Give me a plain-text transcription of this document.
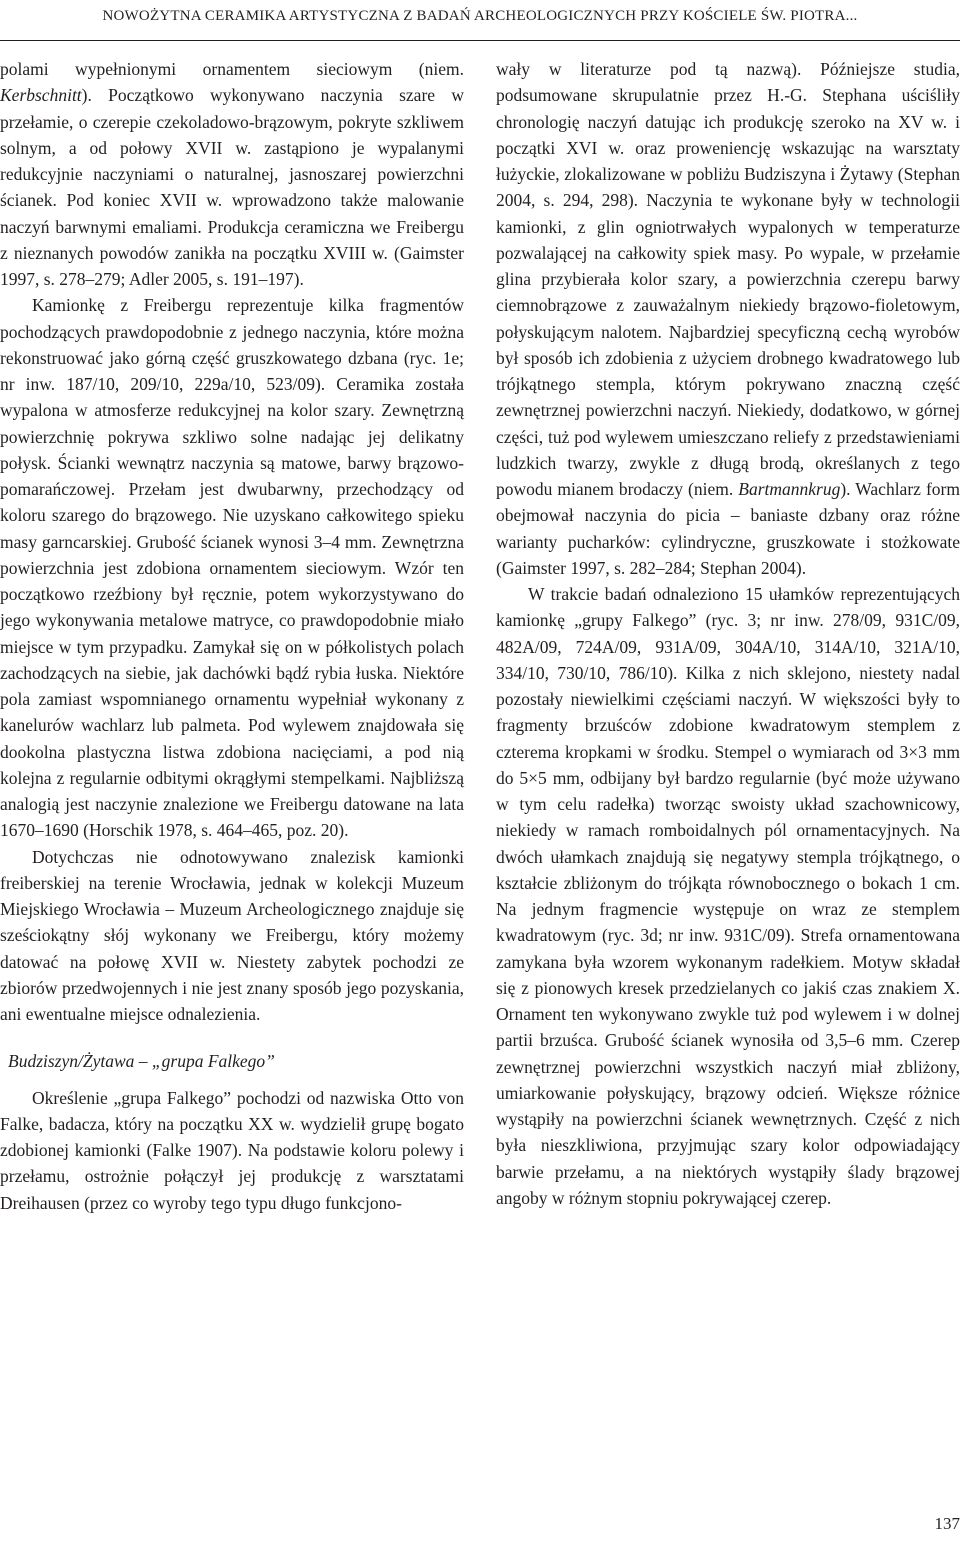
NOWOŻYTNA CERAMIKA ARTYSTYCZNA Z BADAŃ ARCHEOLOGICZNYCH PRZY KOŚCIELE ŚW. PIOTRA...

polami wypełnionymi ornamentem sieciowym (niem. Kerbschnitt). Początkowo wykonywano naczynia szare w przełamie, o czerepie czekoladowo-brązowym, pokryte szkliwem solnym, a od połowy XVII w. zastąpiono je wypalanymi redukcyjnie naczyniami o naturalnej, jasnoszarej powierzchni ścianek. Pod koniec XVII w. wprowadzono także malowanie naczyń barwnymi emaliami. Produkcja ceramiczna we Freibergu z nieznanych powodów zanikła na początku XVIII w. (Gaimster 1997, s. 278–279; Adler 2005, s. 191–197).

Kamionkę z Freibergu reprezentuje kilka fragmentów pochodzących prawdopodobnie z jednego naczynia, które można rekonstruować jako górną część gruszkowatego dzbana (ryc. 1e; nr inw. 187/10, 209/10, 229a/10, 523/09). Ceramika została wypalona w atmosferze redukcyjnej na kolor szary. Zewnętrzną powierzchnię pokrywa szkliwo solne nadając jej delikatny połysk. Ścianki wewnątrz naczynia są matowe, barwy brązowo-pomarańczowej. Przełam jest dwubarwny, przechodzący od koloru szarego do brązowego. Nie uzyskano całkowitego spieku masy garncarskiej. Grubość ścianek wynosi 3–4 mm. Zewnętrzna powierzchnia jest zdobiona ornamentem sieciowym. Wzór ten początkowo rzeźbiony był ręcznie, potem wykorzystywano do jego wykonywania metalowe matryce, co prawdopodobnie miało miejsce w tym przypadku. Zamykał się on w półkolistych polach zachodzących na siebie, jak dachówki bądź rybia łuska. Niektóre pola zamiast wspomnianego ornamentu wypełniał wykonany z kanelurów wachlarz lub palmeta. Pod wylewem znajdowała się dookolna plastyczna listwa zdobiona nacięciami, a pod nią kolejna z regularnie odbitymi okrągłymi stempelkami. Najbliższą analogią jest naczynie znalezione we Freibergu datowane na lata 1670–1690 (Horschik 1978, s. 464–465, poz. 20).

Dotychczas nie odnotowywano znalezisk kamionki freiberskiej na terenie Wrocławia, jednak w kolekcji Muzeum Miejskiego Wrocławia – Muzeum Archeologicznego znajduje się sześciokątny słój wykonany we Freibergu, który możemy datować na połowę XVII w. Niestety zabytek pochodzi ze zbiorów przedwojennych i nie jest znany sposób jego pozyskania, ani ewentualne miejsce odnalezienia.

Budziszyn/Żytawa – „grupa Falkego”

Określenie „grupa Falkego” pochodzi od nazwiska Otto von Falke, badacza, który na początku XX w. wydzielił grupę bogato zdobionej kamionki (Falke 1907). Na podstawie koloru polewy i przełamu, ostrożnie połączył jej produkcję z warsztatami Dreihausen (przez co wyroby tego typu długo funkcjono-

wały w literaturze pod tą nazwą). Późniejsze studia, podsumowane skrupulatnie przez H.-G. Stephana uściśliły chronologię naczyń datując ich produkcję szeroko na XV w. i początki XVI w. oraz proweniencję wskazując na warsztaty łużyckie, zlokalizowane w pobliżu Budziszyna i Żytawy (Stephan 2004, s. 294, 298). Naczynia te wykonane były w technologii kamionki, z glin ogniotrwałych wypalonych w temperaturze pozwalającej na całkowity spiek masy. Po wypale, w przełamie glina przybierała kolor szary, a powierzchnia czerepu barwy ciemnobrązowe z zauważalnym niekiedy brązowo-fioletowym, połyskującym nalotem. Najbardziej specyficzną cechą wyrobów był sposób ich zdobienia z użyciem drobnego kwadratowego lub trójkątnego stempla, którym pokrywano znaczną część zewnętrznej powierzchni naczyń. Niekiedy, dodatkowo, w górnej części, tuż pod wylewem umieszczano reliefy z przedstawieniami ludzkich twarzy, zwykle z długą brodą, określanych z tego powodu mianem brodaczy (niem. Bartmannkrug). Wachlarz form obejmował naczynia do picia – baniaste dzbany oraz różne warianty pucharków: cylindryczne, gruszkowate i stożkowate (Gaimster 1997, s. 282–284; Stephan 2004).

W trakcie badań odnaleziono 15 ułamków reprezentujących kamionkę „grupy Falkego” (ryc. 3; nr inw. 278/09, 931C/09, 482A/09, 724A/09, 931A/09, 304A/10, 314A/10, 321A/10, 334/10, 730/10, 786/10). Kilka z nich sklejono, niestety nadal pozostały niewielkimi częściami naczyń. W większości były to fragmenty brzuśców zdobione kwadratowym stemplem z czterema kropkami w środku. Stempel o wymiarach od 3×3 mm do 5×5 mm, odbijany był bardzo regularnie (być może używano w tym celu radełka) tworząc swoisty układ szachownicowy, niekiedy w ramach romboidalnych pól ornamentacyjnych. Na dwóch ułamkach znajdują się negatywy stempla trójkątnego, o kształcie zbliżonym do trójkąta równobocznego o bokach 1 cm. Na jednym fragmencie występuje on wraz ze stemplem kwadratowym (ryc. 3d; nr inw. 931C/09). Strefa ornamentowana zamykana była wzorem wykonanym radełkiem. Motyw składał się z pionowych kresek przedzielanych co jakiś czas znakiem X. Ornament ten wykonywano zwykle tuż pod wylewem i w dolnej partii brzuśca. Grubość ścianek wynosiła od 3,5–6 mm. Czerep zewnętrznej powierzchni wszystkich naczyń miał zbliżony, umiarkowanie połyskujący, brązowy odcień. Większe różnice wystąpiły na powierzchni ścianek wewnętrznych. Część z nich była nieszkliwiona, przyjmując szary kolor odpowiadający barwie przełamu, a na niektórych wystąpiły ślady brązowej angoby w różnym stopniu pokrywającej czerep.

137
